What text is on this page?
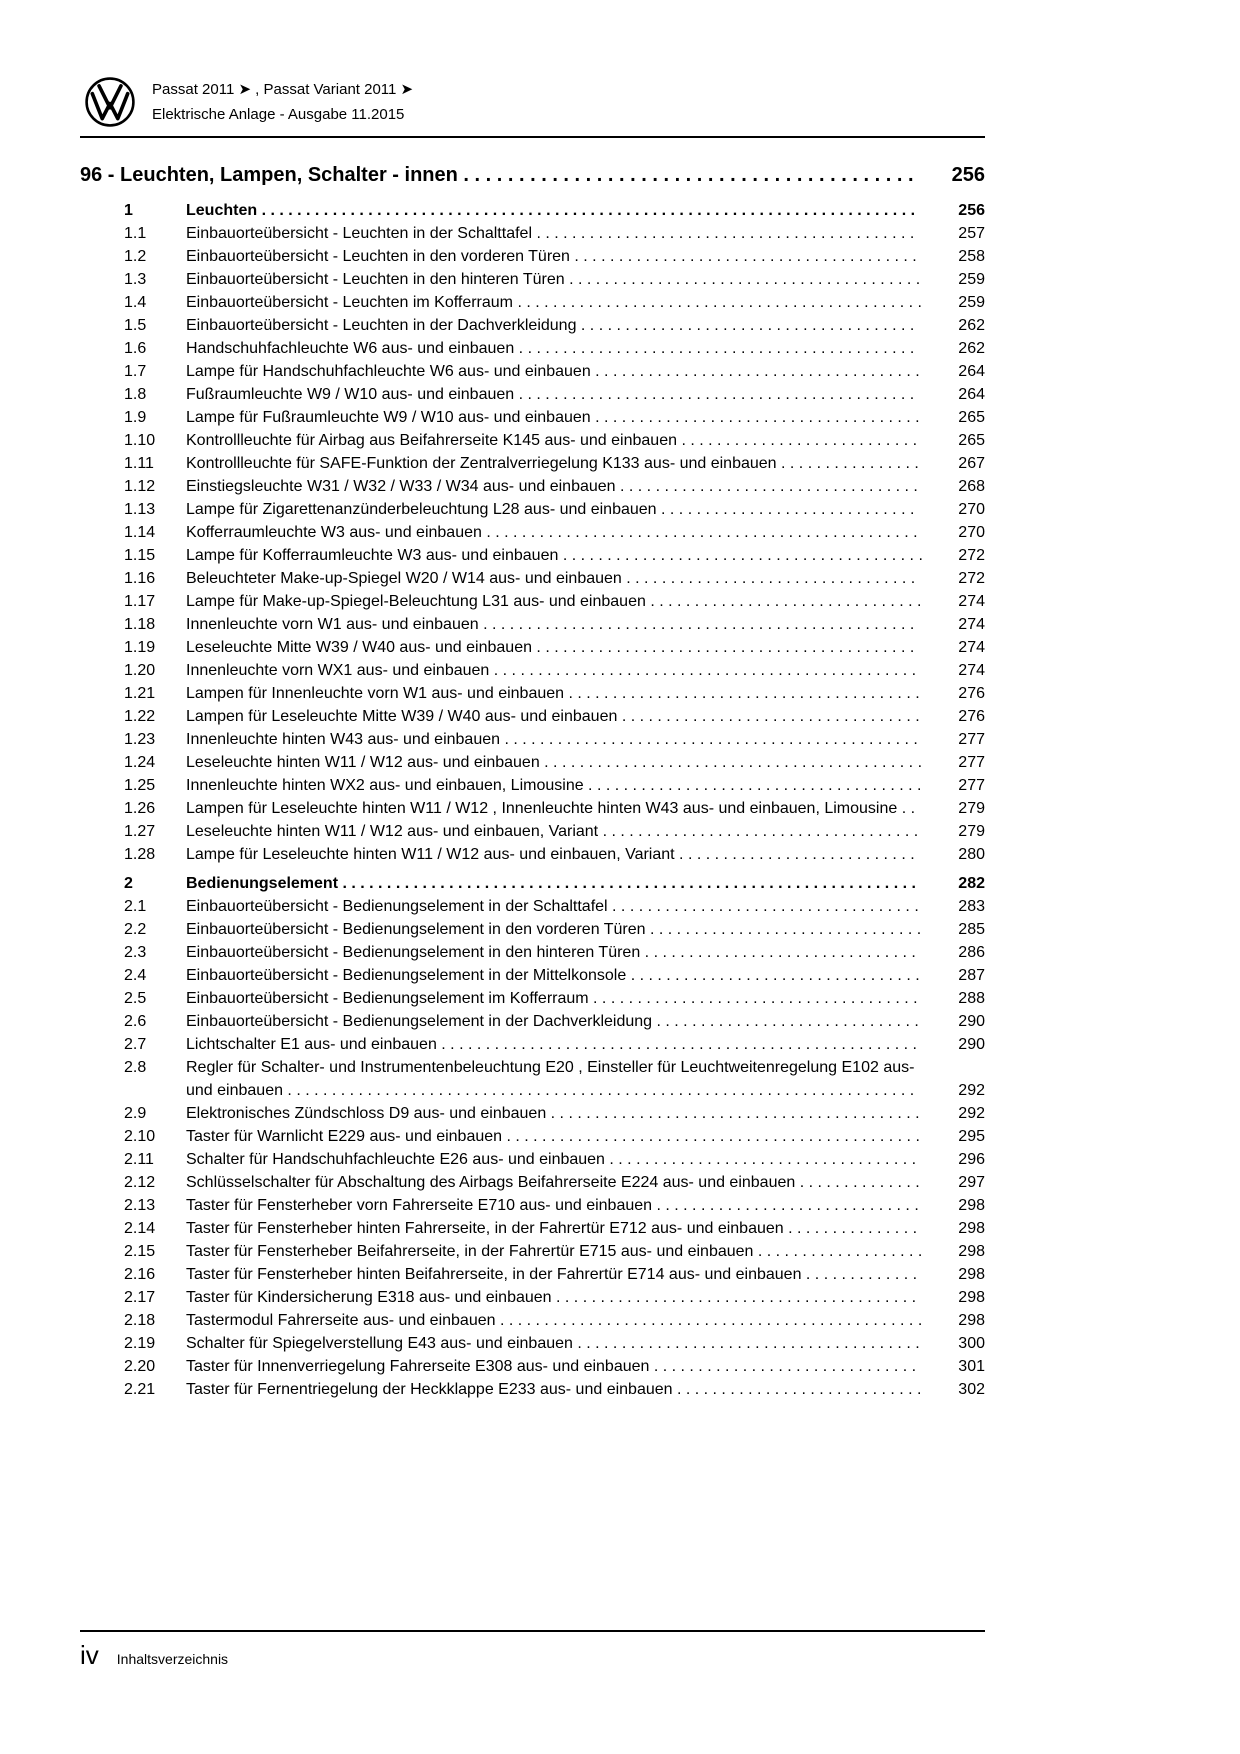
Passat 2011 ➤ , Passat Variant 2011 ➤
Elektrische Anlage - Ausgabe 11.2015
96 - Leuchten, Lampen, Schalter - innen . . . . . . . . . . . . . . . . . . . . . . . . . . . . . . . . . . . . . . . . . 256
1	Leuchten . . . . . . . . . . . . . . . . . . . . . . . . . . . . . . . . . . . . . . . . . . . . . . . . . . . . . . . . . . . . . . . . . . . . . . . . . .	256
1.1 Einbauorteübersicht - Leuchten in der Schalttafel . . . . . . . . . . . . . . . . . . . . . . . . . . . . . . . . . . . . . . . . . . .	257
1.2 Einbauorteübersicht - Leuchten in den vorderen Türen . . . . . . . . . . . . . . . . . . . . . . . . . . . . . . . . . . . . . . .	258
1.3 Einbauorteübersicht - Leuchten in den hinteren Türen . . . . . . . . . . . . . . . . . . . . . . . . . . . . . . . . . . . . . . . . 259
1.4 Einbauorteübersicht - Leuchten im Kofferraum . . . . . . . . . . . . . . . . . . . . . . . . . . . . . . . . . . . . . . . . . . . . . . 259
1.5 Einbauorteübersicht - Leuchten in der Dachverkleidung . . . . . . . . . . . . . . . . . . . . . . . . . . . . . . . . . . . . . .	262
1.6 Handschuhfachleuchte W6 aus- und einbauen . . . . . . . . . . . . . . . . . . . . . . . . . . . . . . . . . . . . . . . . . . . . .	262
1.7 Lampe für Handschuhfachleuchte W6 aus- und einbauen . . . . . . . . . . . . . . . . . . . . . . . . . . . . . . . . . . . . . 264
1.8 Fußraumleuchte W9 / W10 aus- und einbauen . . . . . . . . . . . . . . . . . . . . . . . . . . . . . . . . . . . . . . . . . . . . .	264
1.9 Lampe für Fußraumleuchte W9 / W10 aus- und einbauen . . . . . . . . . . . . . . . . . . . . . . . . . . . . . . . . . . . . . 265
1.10 Kontrollleuchte für Airbag aus Beifahrerseite K145 aus- und einbauen . . . . . . . . . . . . . . . . . . . . . . . . . . .	265
1.11 Kontrollleuchte für SAFE-Funktion der Zentralverriegelung K133 aus- und einbauen . . . . . . . . . . . . . . . . 267
1.12 Einstiegsleuchte W31 / W32 / W33 / W34 aus- und einbauen . . . . . . . . . . . . . . . . . . . . . . . . . . . . . . . . . .	268
1.13 Lampe für Zigarettenanzünderbeleuchtung L28 aus- und einbauen . . . . . . . . . . . . . . . . . . . . . . . . . . . . .	270
1.14 Kofferraumleuchte W3 aus- und einbauen . . . . . . . . . . . . . . . . . . . . . . . . . . . . . . . . . . . . . . . . . . . . . . . . .	270
1.15 Lampe für Kofferraumleuchte W3 aus- und einbauen . . . . . . . . . . . . . . . . . . . . . . . . . . . . . . . . . . . . . . . . . 272
1.16 Beleuchteter Make-up-Spiegel W20 / W14 aus- und einbauen . . . . . . . . . . . . . . . . . . . . . . . . . . . . . . . . .	272
1.17 Lampe für Make-up-Spiegel-Beleuchtung L31 aus- und einbauen . . . . . . . . . . . . . . . . . . . . . . . . . . . . . . . 274
1.18 Innenleuchte vorn W1 aus- und einbauen . . . . . . . . . . . . . . . . . . . . . . . . . . . . . . . . . . . . . . . . . . . . . . . . .	274
1.19 Leseleuchte Mitte W39 / W40 aus- und einbauen . . . . . . . . . . . . . . . . . . . . . . . . . . . . . . . . . . . . . . . . . . .	274
1.20 Innenleuchte vorn WX1 aus- und einbauen . . . . . . . . . . . . . . . . . . . . . . . . . . . . . . . . . . . . . . . . . . . . . . . .	274
1.21 Lampen für Innenleuchte vorn W1 aus- und einbauen . . . . . . . . . . . . . . . . . . . . . . . . . . . . . . . . . . . . . . . . 276
1.22 Lampen für Leseleuchte Mitte W39 / W40 aus- und einbauen . . . . . . . . . . . . . . . . . . . . . . . . . . . . . . . . . . 276
1.23 Innenleuchte hinten W43 aus- und einbauen . . . . . . . . . . . . . . . . . . . . . . . . . . . . . . . . . . . . . . . . . . . . . . .	277
1.24 Leseleuchte hinten W11 / W12 aus- und einbauen . . . . . . . . . . . . . . . . . . . . . . . . . . . . . . . . . . . . . . . . . . . 277
1.25 Innenleuchte hinten WX2 aus- und einbauen, Limousine . . . . . . . . . . . . . . . . . . . . . . . . . . . . . . . . . . . . . . 277
1.26 Lampen für Leseleuchte hinten W11 / W12 , Innenleuchte hinten W43 aus- und einbauen, Limousine . .	279
1.27 Leseleuchte hinten W11 / W12 aus- und einbauen, Variant . . . . . . . . . . . . . . . . . . . . . . . . . . . . . . . . . . . .	279
1.28 Lampe für Leseleuchte hinten W11 / W12 aus- und einbauen, Variant . . . . . . . . . . . . . . . . . . . . . . . . . . .	280
2	Bedienungselement . . . . . . . . . . . . . . . . . . . . . . . . . . . . . . . . . . . . . . . . . . . . . . . . . . . . . . . . . . . . . . . . .	282
2.1 Einbauorteübersicht - Bedienungselement in der Schalttafel . . . . . . . . . . . . . . . . . . . . . . . . . . . . . . . . . . . 283
2.2 Einbauorteübersicht - Bedienungselement in den vorderen Türen . . . . . . . . . . . . . . . . . . . . . . . . . . . . . . . 285
2.3 Einbauorteübersicht - Bedienungselement in den hinteren Türen . . . . . . . . . . . . . . . . . . . . . . . . . . . . . . .	286
2.4 Einbauorteübersicht - Bedienungselement in der Mittelkonsole . . . . . . . . . . . . . . . . . . . . . . . . . . . . . . . . . 287
2.5 Einbauorteübersicht - Bedienungselement im Kofferraum . . . . . . . . . . . . . . . . . . . . . . . . . . . . . . . . . . . . .	288
2.6 Einbauorteübersicht - Bedienungselement in der Dachverkleidung . . . . . . . . . . . . . . . . . . . . . . . . . . . . . . 290
2.7 Lichtschalter E1 aus- und einbauen . . . . . . . . . . . . . . . . . . . . . . . . . . . . . . . . . . . . . . . . . . . . . . . . . . . . . .	290
2.8 Regler für Schalter- und Instrumentenbeleuchtung E20 , Einsteller für Leuchtweitenregelung E102 aus- und einbauen . . . . . . . . . . . . . . . . . . . . . . . . . . . . . . . . . . . . . . . . . . . . . . . . . . . . . . . . . . . . . . . . . . . . . . .	292
2.9 Elektronisches Zündschloss D9 aus- und einbauen . . . . . . . . . . . . . . . . . . . . . . . . . . . . . . . . . . . . . . . . . . 292
2.10 Taster für Warnlicht E229 aus- und einbauen . . . . . . . . . . . . . . . . . . . . . . . . . . . . . . . . . . . . . . . . . . . . . . . 295
2.11 Schalter für Handschuhfachleuchte E26 aus- und einbauen . . . . . . . . . . . . . . . . . . . . . . . . . . . . . . . . . . .	296
2.12 Schlüsselschalter für Abschaltung des Airbags Beifahrerseite E224 aus- und einbauen . . . . . . . . . . . . . . 297
2.13 Taster für Fensterheber vorn Fahrerseite E710 aus- und einbauen . . . . . . . . . . . . . . . . . . . . . . . . . . . . . . 298
2.14 Taster für Fensterheber hinten Fahrerseite, in der Fahrertür E712 aus- und einbauen . . . . . . . . . . . . . . .	298
2.15 Taster für Fensterheber Beifahrerseite, in der Fahrertür E715 aus- und einbauen . . . . . . . . . . . . . . . . . . . 298
2.16 Taster für Fensterheber hinten Beifahrerseite, in der Fahrertür E714 aus- und einbauen . . . . . . . . . . . . .	298
2.17 Taster für Kindersicherung E318 aus- und einbauen . . . . . . . . . . . . . . . . . . . . . . . . . . . . . . . . . . . . . . . . .	298
2.18 Tastermodul Fahrerseite aus- und einbauen . . . . . . . . . . . . . . . . . . . . . . . . . . . . . . . . . . . . . . . . . . . . . . . . 298
2.19 Schalter für Spiegelverstellung E43 aus- und einbauen . . . . . . . . . . . . . . . . . . . . . . . . . . . . . . . . . . . . . . . 300
2.20 Taster für Innenverriegelung Fahrerseite E308 aus- und einbauen . . . . . . . . . . . . . . . . . . . . . . . . . . . . . .	301
2.21 Taster für Fernentriegelung der Heckklappe E233 aus- und einbauen . . . . . . . . . . . . . . . . . . . . . . . . . . . . 302
iv Inhaltsverzeichnis
